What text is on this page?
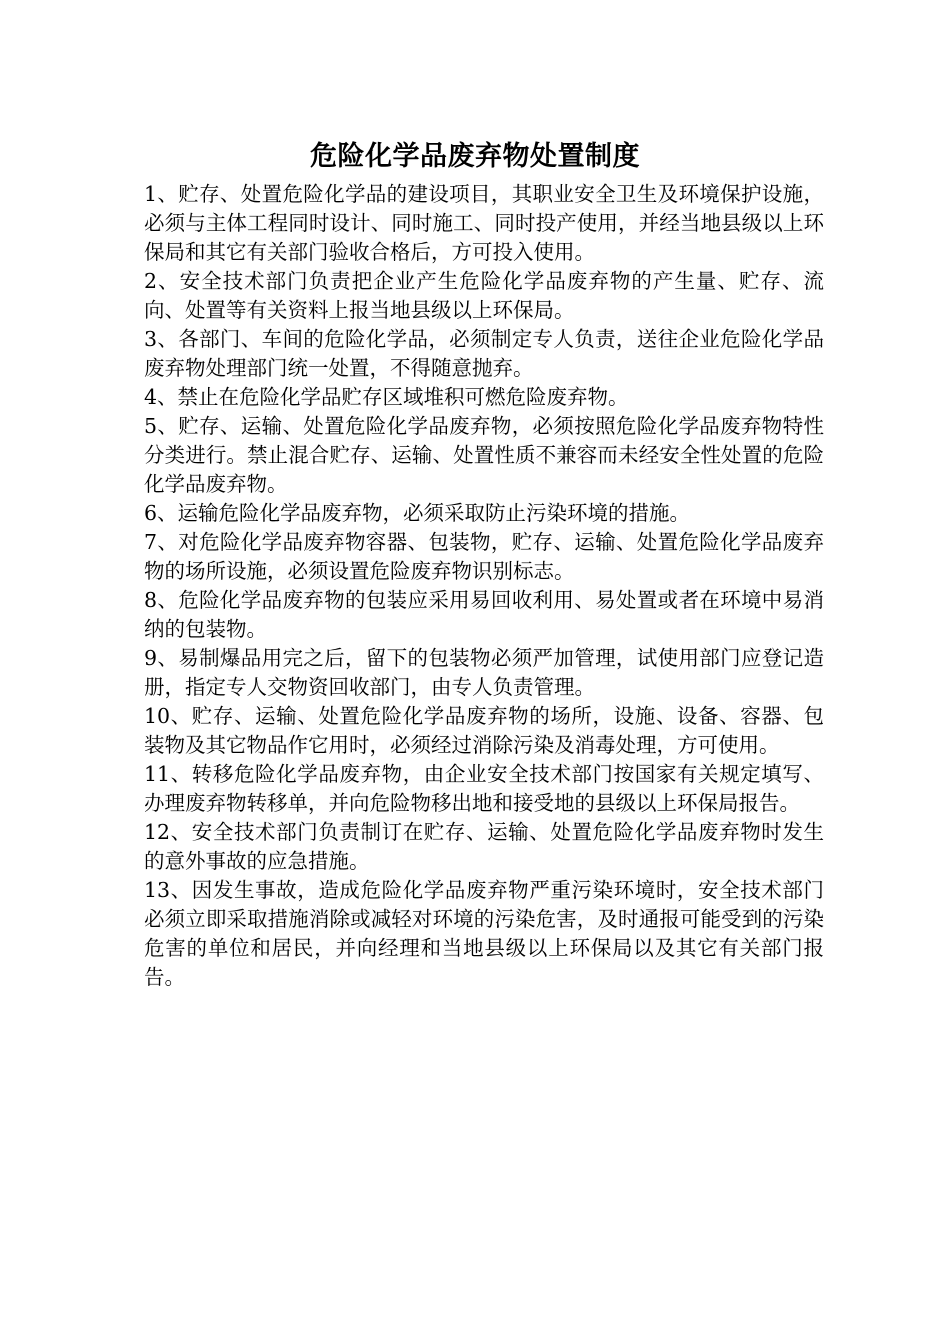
危险化学品废弃物处置制度
1、贮存、处置危险化学品的建设项目，其职业安全卫生及环境保护设施，必须与主体工程同时设计、同时施工、同时投产使用，并经当地县级以上环保局和其它有关部门验收合格后，方可投入使用。
2、安全技术部门负责把企业产生危险化学品废弃物的产生量、贮存、流向、处置等有关资料上报当地县级以上环保局。
3、各部门、车间的危险化学品，必须制定专人负责，送往企业危险化学品废弃物处理部门统一处置，不得随意抛弃。
4、禁止在危险化学品贮存区域堆积可燃危险废弃物。
5、贮存、运输、处置危险化学品废弃物，必须按照危险化学品废弃物特性分类进行。禁止混合贮存、运输、处置性质不兼容而未经安全性处置的危险化学品废弃物。
6、运输危险化学品废弃物，必须采取防止污染环境的措施。
7、对危险化学品废弃物容器、包装物，贮存、运输、处置危险化学品废弃物的场所设施，必须设置危险废弃物识别标志。
8、危险化学品废弃物的包装应采用易回收利用、易处置或者在环境中易消纳的包装物。
9、易制爆品用完之后，留下的包装物必须严加管理，试使用部门应登记造册，指定专人交物资回收部门，由专人负责管理。
10、贮存、运输、处置危险化学品废弃物的场所，设施、设备、容器、包装物及其它物品作它用时，必须经过消除污染及消毒处理，方可使用。
11、转移危险化学品废弃物，由企业安全技术部门按国家有关规定填写、办理废弃物转移单，并向危险物移出地和接受地的县级以上环保局报告。
12、安全技术部门负责制订在贮存、运输、处置危险化学品废弃物时发生的意外事故的应急措施。
13、因发生事故，造成危险化学品废弃物严重污染环境时，安全技术部门必须立即采取措施消除或减轻对环境的污染危害，及时通报可能受到的污染危害的单位和居民，并向经理和当地县级以上环保局以及其它有关部门报告。
